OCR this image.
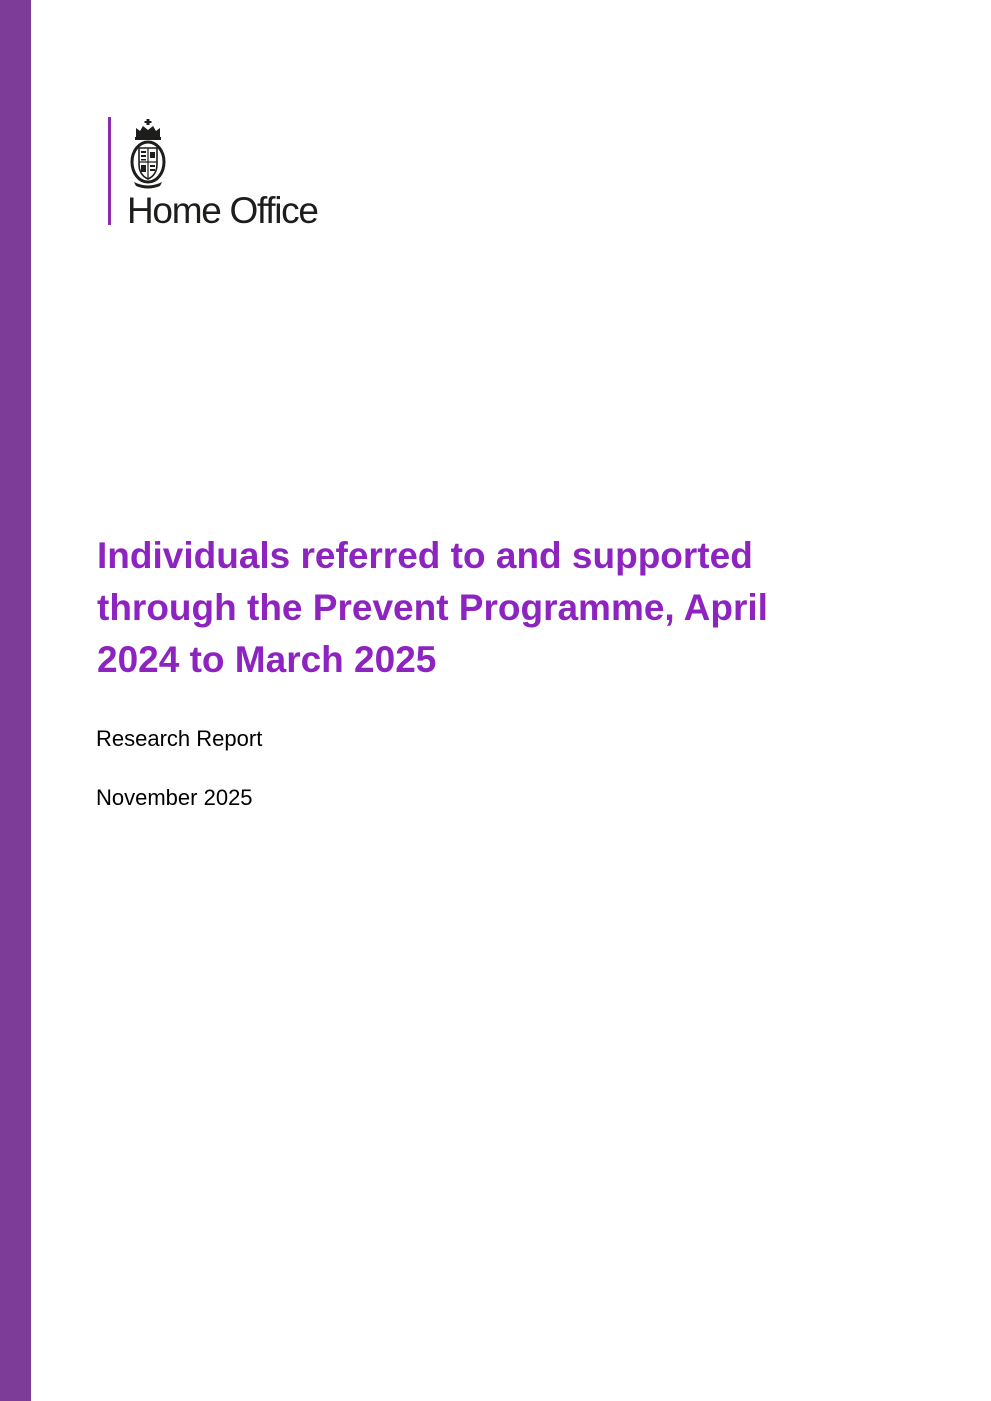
Home Office
Individuals referred to and supported
through the Prevent Programme, April
2024 to March 2025
Research Report
November 2025
